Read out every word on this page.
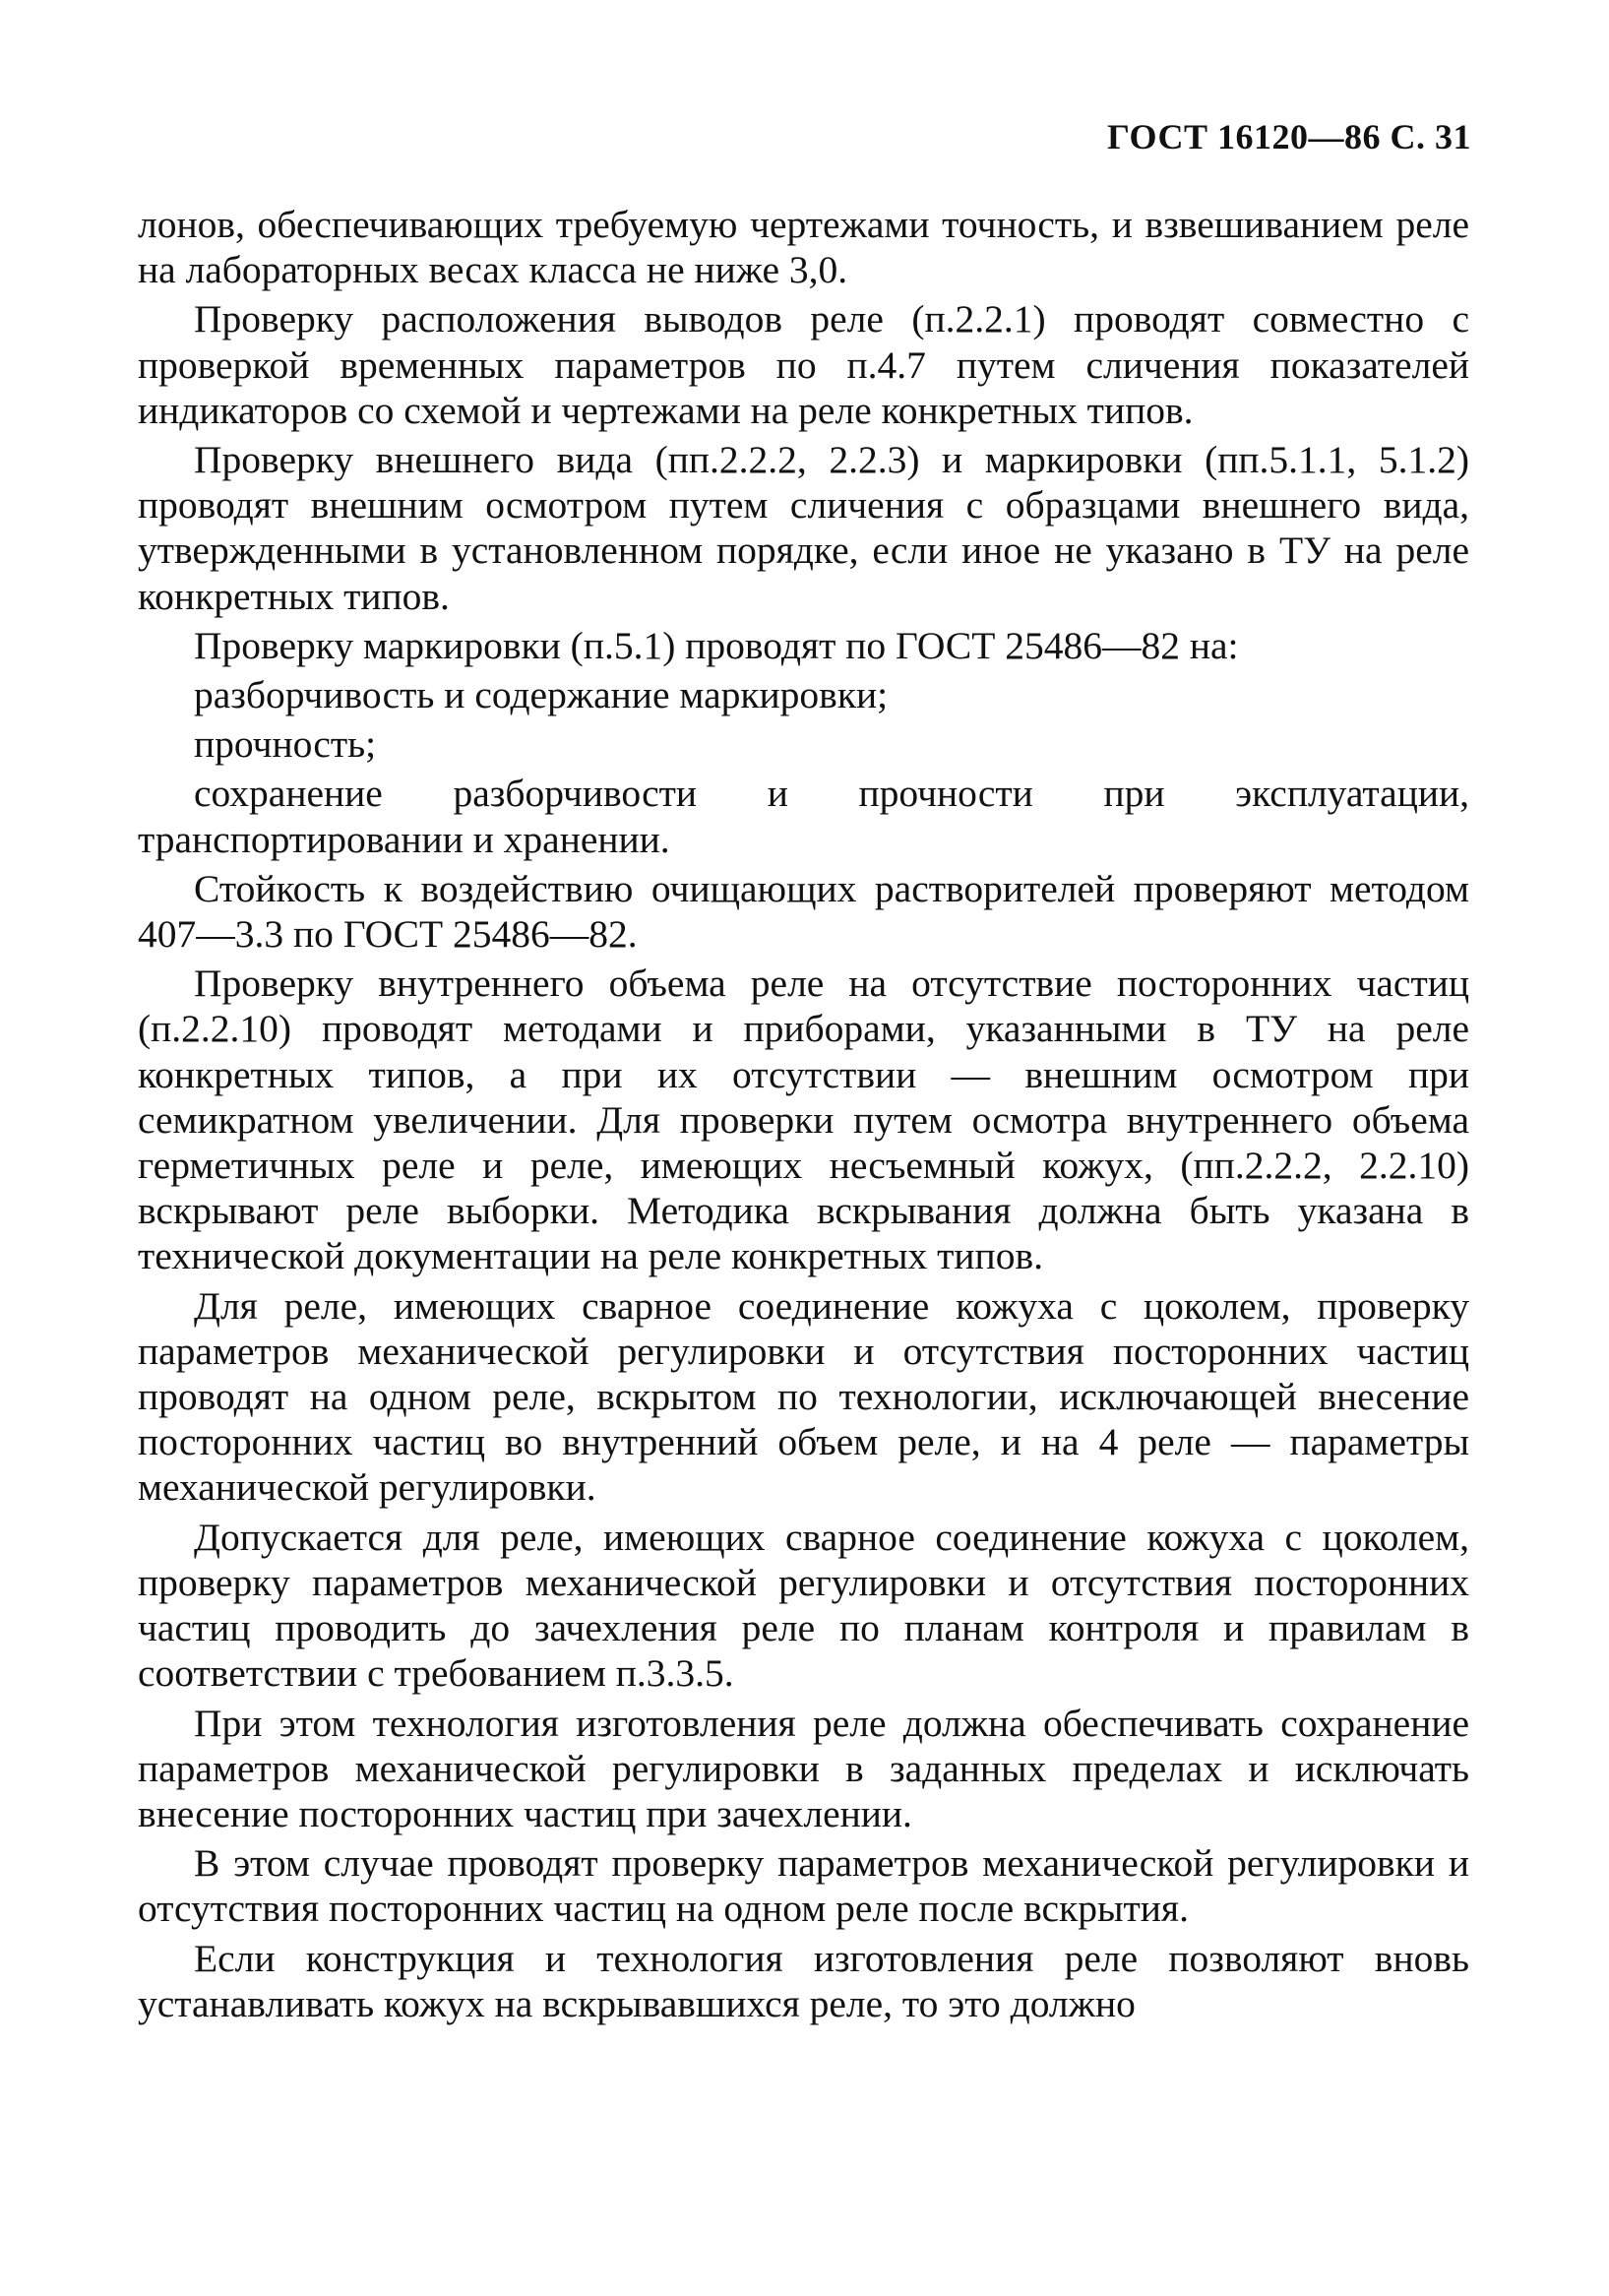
ГОСТ 16120—86 С. 31

лонов, обеспечивающих требуемую чертежами точность, и взвешиванием реле на лабораторных весах класса не ниже 3,0.

Проверку расположения выводов реле (п.2.2.1) проводят совместно с проверкой временных параметров по п.4.7 путем сличения показателей индикаторов со схемой и чертежами на реле конкретных типов.

Проверку внешнего вида (пп.2.2.2, 2.2.3) и маркировки (пп.5.1.1, 5.1.2) проводят внешним осмотром путем сличения с образцами внешнего вида, утвержденными в установленном порядке, если иное не указано в ТУ на реле конкретных типов.

Проверку маркировки (п.5.1) проводят по ГОСТ 25486—82 на:

разборчивость и содержание маркировки;

прочность;

сохранение разборчивости и прочности при эксплуатации, транспортировании и хранении.

Стойкость к воздействию очищающих растворителей проверяют методом 407—3.3 по ГОСТ 25486—82.

Проверку внутреннего объема реле на отсутствие посторонних частиц (п.2.2.10) проводят методами и приборами, указанными в ТУ на реле конкретных типов, а при их отсутствии — внешним осмотром при семикратном увеличении. Для проверки путем осмотра внутреннего объема герметичных реле и реле, имеющих несъемный кожух, (пп.2.2.2, 2.2.10) вскрывают реле выборки. Методика вскрывания должна быть указана в технической документации на реле конкретных типов.

Для реле, имеющих сварное соединение кожуха с цоколем, проверку параметров механической регулировки и отсутствия посторонних частиц проводят на одном реле, вскрытом по технологии, исключающей внесение посторонних частиц во внутренний объем реле, и на 4 реле — параметры механической регулировки.

Допускается для реле, имеющих сварное соединение кожуха с цоколем, проверку параметров механической регулировки и отсутствия посторонних частиц проводить до зачехления реле по планам контроля и правилам в соответствии с требованием п.3.3.5.

При этом технология изготовления реле должна обеспечивать сохранение параметров механической регулировки в заданных пределах и исключать внесение посторонних частиц при зачехлении.

В этом случае проводят проверку параметров механической регулировки и отсутствия посторонних частиц на одном реле после вскрытия.

Если конструкция и технология изготовления реле позволяют вновь устанавливать кожух на вскрывавшихся реле, то это должно
